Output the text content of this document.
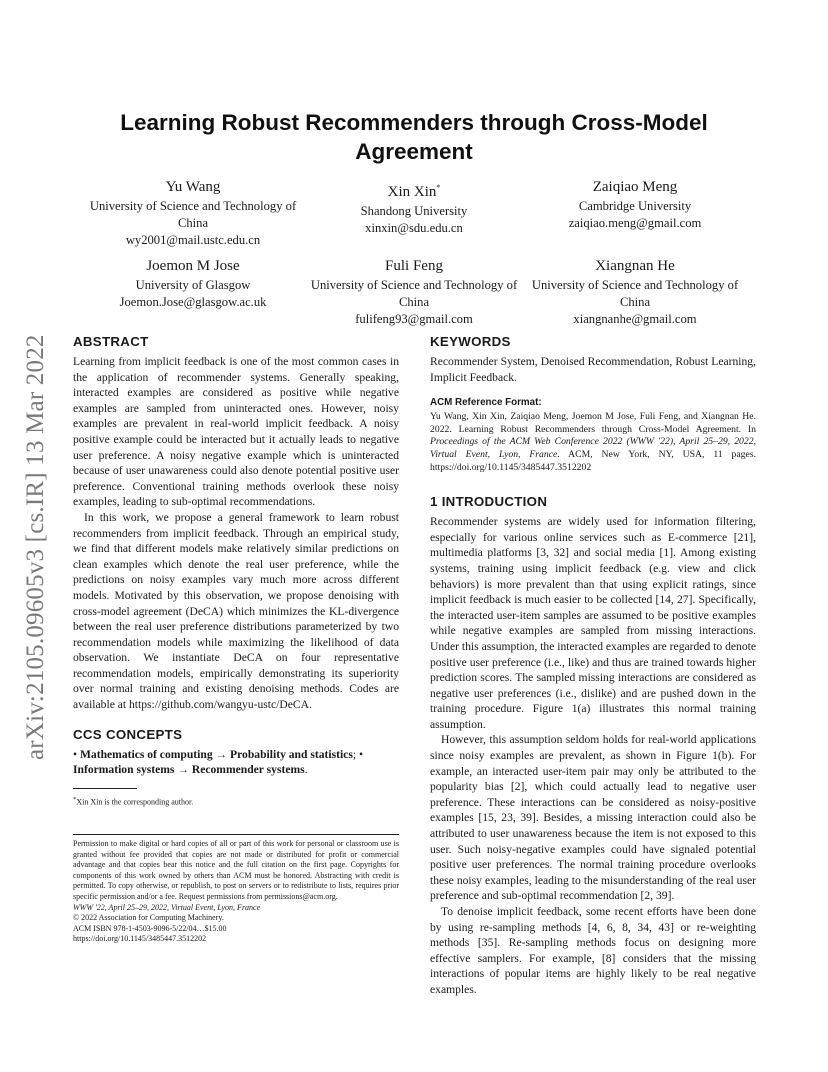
arXiv:2105.09605v3 [cs.IR] 13 Mar 2022
Learning Robust Recommenders through Cross-Model Agreement
Yu Wang
University of Science and Technology of China
wy2001@mail.ustc.edu.cn
Xin Xin*
Shandong University
xinxin@sdu.edu.cn
Zaiqiao Meng
Cambridge University
zaiqiao.meng@gmail.com
Joemon M Jose
University of Glasgow
Joemon.Jose@glasgow.ac.uk
Fuli Feng
University of Science and Technology of China
fulifeng93@gmail.com
Xiangnan He
University of Science and Technology of China
xiangnanhe@gmail.com
ABSTRACT

Learning from implicit feedback is one of the most common cases in the application of recommender systems. Generally speaking, interacted examples are considered as positive while negative examples are sampled from uninteracted ones. However, noisy examples are prevalent in real-world implicit feedback. A noisy positive example could be interacted but it actually leads to negative user preference. A noisy negative example which is uninteracted because of user unawareness could also denote potential positive user preference. Conventional training methods overlook these noisy examples, leading to sub-optimal recommendations.

In this work, we propose a general framework to learn robust recommenders from implicit feedback. Through an empirical study, we find that different models make relatively similar predictions on clean examples which denote the real user preference, while the predictions on noisy examples vary much more across different models. Motivated by this observation, we propose denoising with cross-model agreement (DeCA) which minimizes the KL-divergence between the real user preference distributions parameterized by two recommendation models while maximizing the likelihood of data observation. We instantiate DeCA on four representative recommendation models, empirically demonstrating its superiority over normal training and existing denoising methods. Codes are available at https://github.com/wangyu-ustc/DeCA.

CCS CONCEPTS

• Mathematics of computing → Probability and statistics; • Information systems → Recommender systems.

*Xin Xin is the corresponding author.
Permission to make digital or hard copies of all or part of this work for personal or classroom use is granted without fee provided that copies are not made or distributed for profit or commercial advantage and that copies bear this notice and the full citation on the first page. Copyrights for components of this work owned by others than ACM must be honored. Abstracting with credit is permitted. To copy otherwise, or republish, to post on servers or to redistribute to lists, requires prior specific permission and/or a fee. Request permissions from permissions@acm.org.
WWW '22, April 25–29, 2022, Virtual Event, Lyon, France
© 2022 Association for Computing Machinery.
ACM ISBN 978-1-4503-9096-5/22/04…$15.00
https://doi.org/10.1145/3485447.3512202
KEYWORDS

Recommender System, Denoised Recommendation, Robust Learning, Implicit Feedback.

ACM Reference Format:

Yu Wang, Xin Xin, Zaiqiao Meng, Joemon M Jose, Fuli Feng, and Xiangnan He. 2022. Learning Robust Recommenders through Cross-Model Agreement. In Proceedings of the ACM Web Conference 2022 (WWW '22), April 25–29, 2022, Virtual Event, Lyon, France. ACM, New York, NY, USA, 11 pages. https://doi.org/10.1145/3485447.3512202

1 INTRODUCTION

Recommender systems are widely used for information filtering, especially for various online services such as E-commerce [21], multimedia platforms [3, 32] and social media [1]. Among existing systems, training using implicit feedback (e.g. view and click behaviors) is more prevalent than that using explicit ratings, since implicit feedback is much easier to be collected [14, 27]. Specifically, the interacted user-item samples are assumed to be positive examples while negative examples are sampled from missing interactions. Under this assumption, the interacted examples are regarded to denote positive user preference (i.e., like) and thus are trained towards higher prediction scores. The sampled missing interactions are considered as negative user preferences (i.e., dislike) and are pushed down in the training procedure. Figure 1(a) illustrates this normal training assumption.

However, this assumption seldom holds for real-world applications since noisy examples are prevalent, as shown in Figure 1(b). For example, an interacted user-item pair may only be attributed to the popularity bias [2], which could actually lead to negative user preference. These interactions can be considered as noisy-positive examples [15, 23, 39]. Besides, a missing interaction could also be attributed to user unawareness because the item is not exposed to this user. Such noisy-negative examples could have signaled potential positive user preferences. The normal training procedure overlooks these noisy examples, leading to the misunderstanding of the real user preference and sub-optimal recommendation [2, 39].

To denoise implicit feedback, some recent efforts have been done by using re-sampling methods [4, 6, 8, 34, 43] or re-weighting methods [35]. Re-sampling methods focus on designing more effective samplers. For example, [8] considers that the missing interactions of popular items are highly likely to be real negative examples.
